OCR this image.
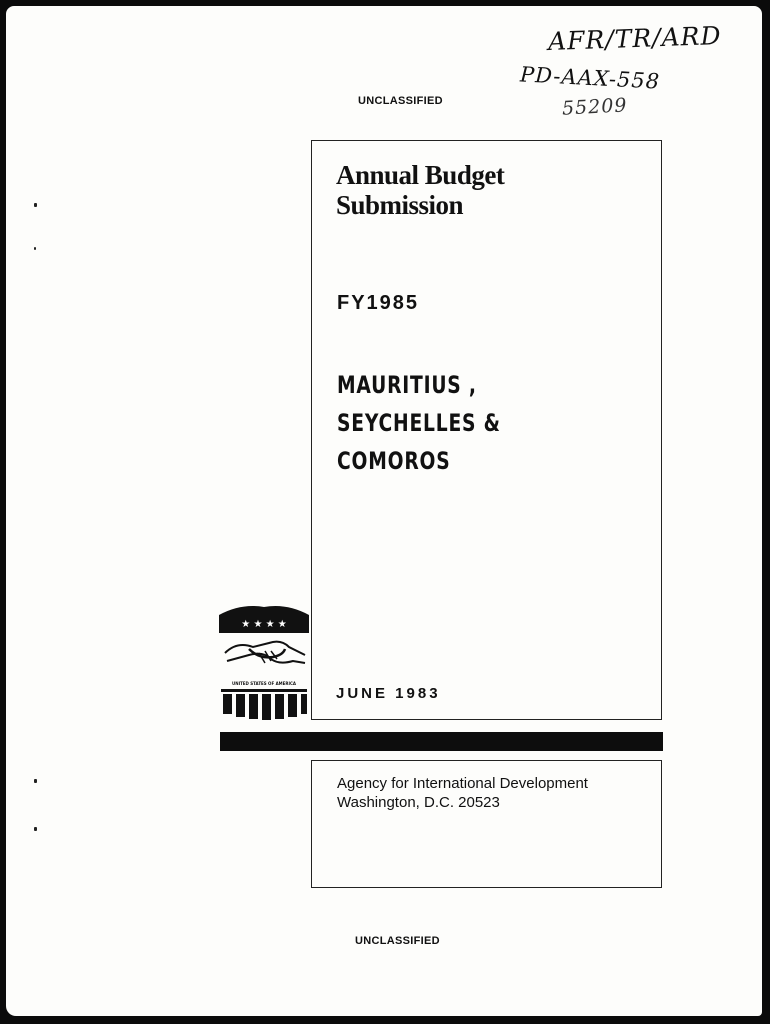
AFR/TR/ARD
PD-AAX-558
55209
UNCLASSIFIED
Annual Budget
Submission
FY1985
MAURITIUS ,
SEYCHELLES &
COMOROS
JUNE 1983
★ ★ ★ ★
UNITED STATES OF AMERICA
Agency for International Development
Washington, D.C. 20523
UNCLASSIFIED
